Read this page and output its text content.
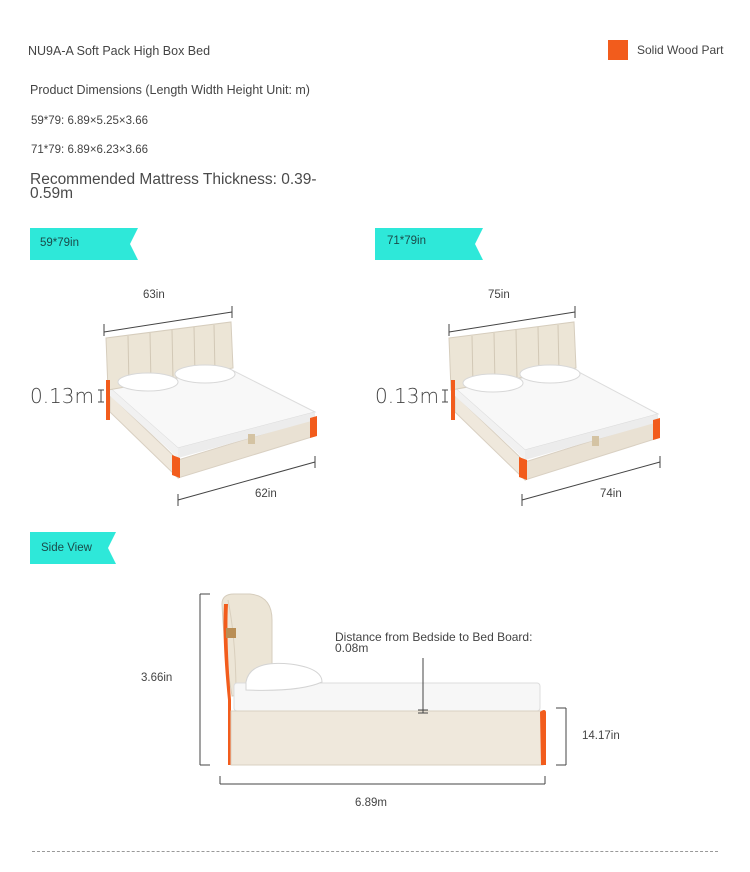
NU9A-A Soft Pack High Box Bed	Solid Wood Part
Product Dimensions (Length Width Height Unit: m)
59*79: 6.89×5.25×3.66
71*79: 6.89×6.23×3.66
Recommended Mattress Thickness: 0.39-0.59m
59*79in	71*79in
Side View
63in
62in
0.13m
75in
74in
0.13m
3.66in
14.17in
6.89m
Distance from Bedside to Bed Board: 0.08m
